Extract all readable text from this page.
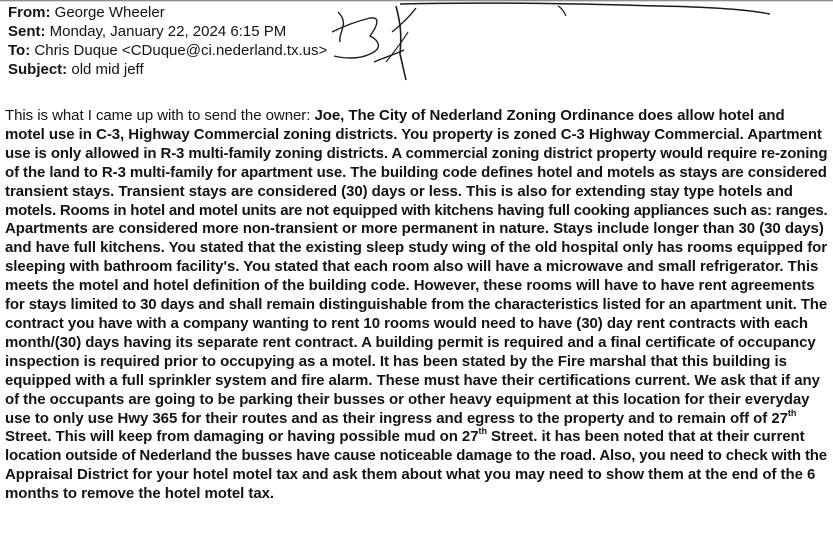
From: George Wheeler
Sent: Monday, January 22, 2024 6:15 PM
To: Chris Duque <CDuque@ci.nederland.tx.us>
Subject: old mid jeff
This is what I came up with to send the owner: Joe, The City of Nederland Zoning Ordinance does allow hotel and
motel use in C-3, Highway Commercial zoning districts. You property is zoned C-3 Highway Commercial. Apartment
use is only allowed in R-3 multi-family zoning districts. A commercial zoning district property would require re-zoning
of the land to R-3 multi-family for apartment use. The building code defines hotel and motels as stays are considered
transient stays. Transient stays are considered (30) days or less. This is also for extending stay type hotels and
motels. Rooms in hotel and motel units are not equipped with kitchens having full cooking appliances such as: ranges.
Apartments are considered more non-transient or more permanent in nature. Stays include longer than 30 (30 days)
and have full kitchens. You stated that the existing sleep study wing of the old hospital only has rooms equipped for
sleeping with bathroom facility's. You stated that each room also will have a microwave and small refrigerator. This
meets the motel and hotel definition of the building code. However, these rooms will have to have rent agreements
for stays limited to 30 days and shall remain distinguishable from the characteristics listed for an apartment unit. The
contract you have with a company wanting to rent 10 rooms would need to have (30) day rent contracts with each
month/(30) days having its separate rent contract. A building permit is required and a final certificate of occupancy
inspection is required prior to occupying as a motel. It has been stated by the Fire marshal that this building is
equipped with a full sprinkler system and fire alarm. These must have their certifications current. We ask that if any
of the occupants are going to be parking their busses or other heavy equipment at this location for their everyday
use to only use Hwy 365 for their routes and as their ingress and egress to the property and to remain off of 27th
Street. This will keep from damaging or having possible mud on 27th Street. it has been noted that at their current
location outside of Nederland the busses have cause noticeable damage to the road. Also, you need to check with the
Appraisal District for your hotel motel tax and ask them about what you may need to show them at the end of the 6
months to remove the hotel motel tax.
